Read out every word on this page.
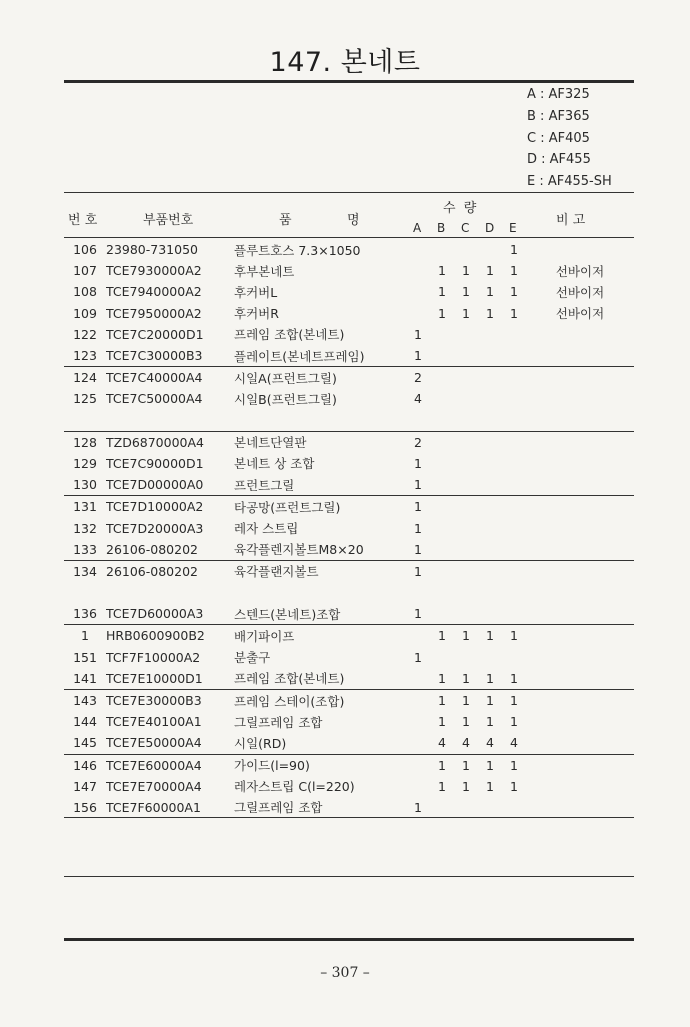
147. 본네트
A : AF325
B : AF365
C : AF405
D : AF455
E : AF455-SH
번 호	부품번호	품	명
수 량
A B C D E	비 고
106	23980-731050	플루트호스 7.3×1050					1	
107	TCE7930000A2	후부본네트		1	1	1	1	선바이저
108	TCE7940000A2	후커버L		1	1	1	1	선바이저
109	TCE7950000A2	후커버R		1	1	1	1	선바이저
122	TCE7C20000D1	프레임 조합(본네트)	1					
123	TCE7C30000B3	플레이트(본네트프레임)	1					
124	TCE7C40000A4	시일A(프런트그릴)	2					
125	TCE7C50000A4	시일B(프런트그릴)	4					

128	TZD6870000A4	본네트단열판	2					
129	TCE7C90000D1	본네트 상 조합	1					
130	TCE7D00000A0	프런트그릴	1					
131	TCE7D10000A2	타공망(프런트그릴)	1					
132	TCE7D20000A3	레자 스트립	1					
133	26106-080202	육각플렌지볼트M8×20	1					
134	26106-080202	육각플랜지볼트	1					

136	TCE7D60000A3	스텐드(본네트)조합	1					
1	HRB0600900B2	배기파이프		1	1	1	1	
151	TCF7F10000A2	분출구	1					
141	TCE7E10000D1	프레임 조합(본네트)		1	1	1	1	
143	TCE7E30000B3	프레임 스테이(조합)		1	1	1	1	
144	TCE7E40100A1	그릴프레임 조합		1	1	1	1	
145	TCE7E50000A4	시일(RD)		4	4	4	4	
146	TCE7E60000A4	가이드(l=90)		1	1	1	1	
147	TCE7E70000A4	레자스트립 C(l=220)		1	1	1	1	
156	TCE7F60000A1	그릴프레임 조합	1					
– 307 –
